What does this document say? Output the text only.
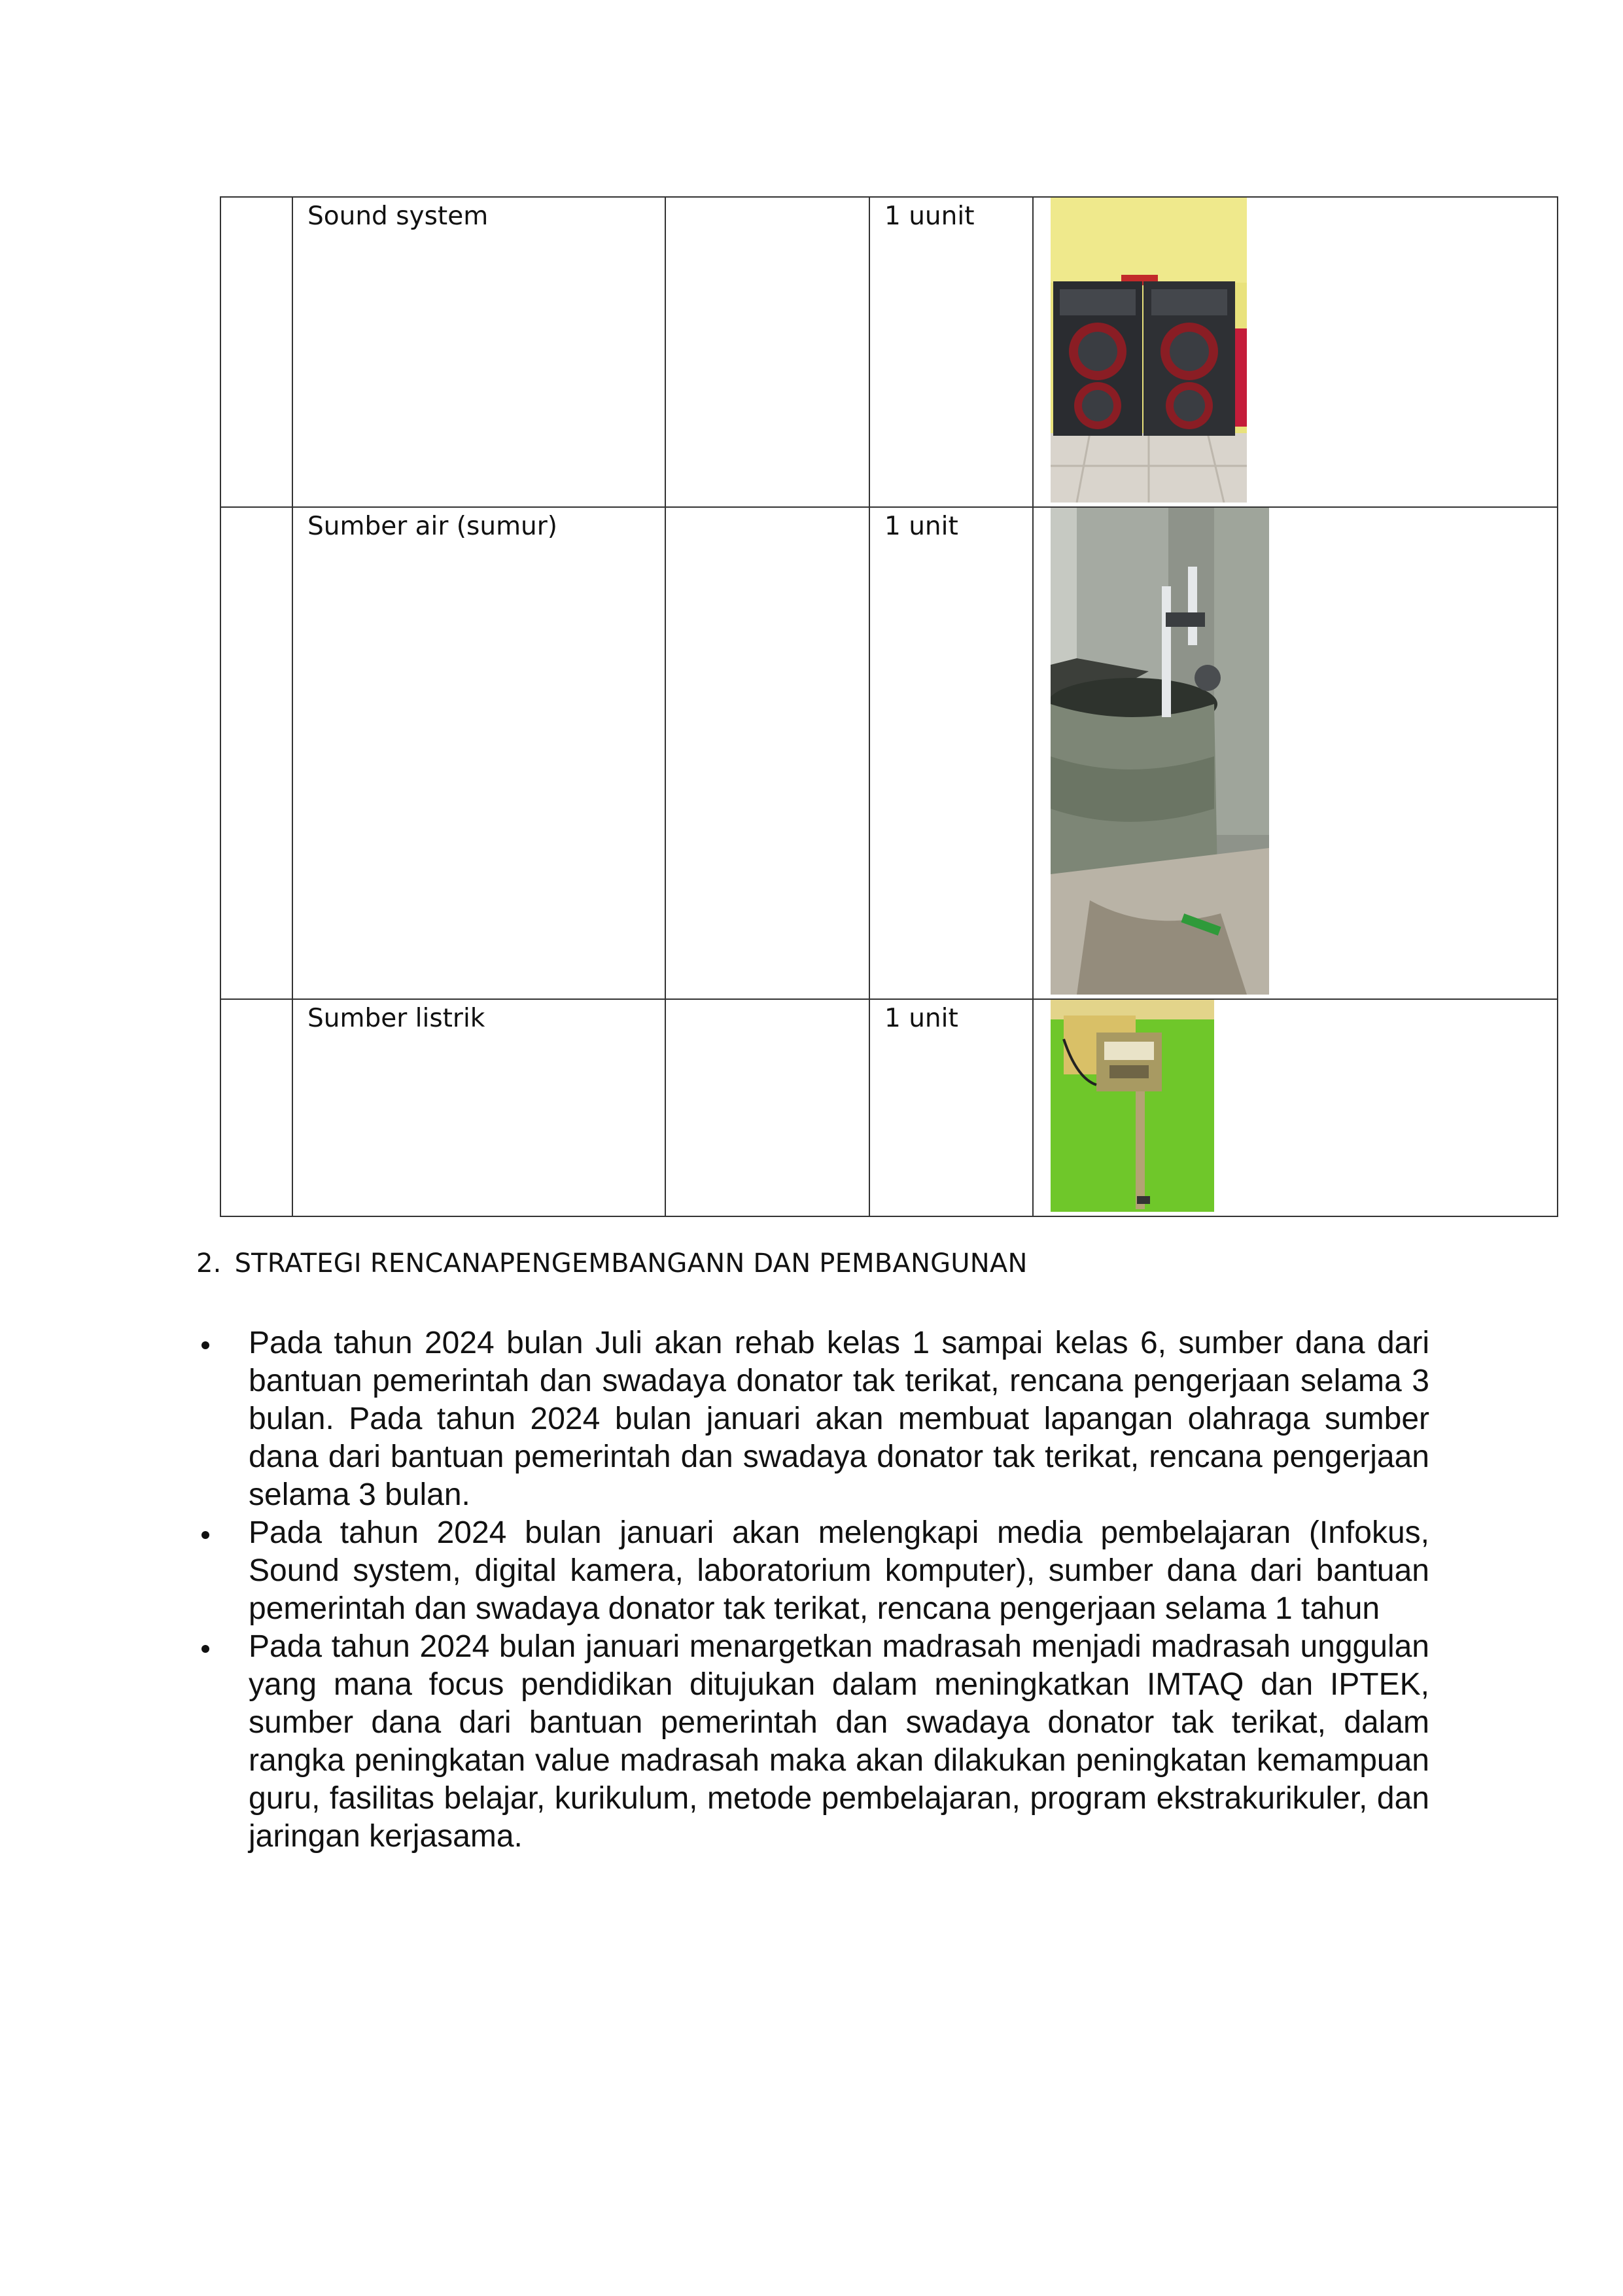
	Sound system		1 uunit	

	Sumber air (sumur)		1 unit	

	Sumber listrik		1 unit	

2. STRATEGI RENCANAPENGEMBANGANN DAN PEMBANGUNAN

Pada tahun 2024 bulan Juli akan rehab kelas 1 sampai kelas 6, sumber dana dari bantuan pemerintah dan swadaya donator tak terikat, rencana pengerjaan selama 3 bulan. Pada tahun 2024 bulan januari akan membuat lapangan olahraga sumber dana dari bantuan pemerintah dan swadaya donator tak terikat, rencana pengerjaan selama 3 bulan.
Pada tahun 2024 bulan januari akan melengkapi media pembelajaran (Infokus, Sound system, digital kamera, laboratorium komputer), sumber dana dari bantuan pemerintah dan swadaya donator tak terikat, rencana pengerjaan selama 1 tahun
Pada tahun 2024 bulan januari menargetkan madrasah menjadi madrasah unggulan yang mana focus pendidikan ditujukan dalam meningkatkan IMTAQ dan IPTEK, sumber dana dari bantuan pemerintah dan swadaya donator tak terikat, dalam rangka peningkatan value madrasah maka akan dilakukan peningkatan kemampuan guru, fasilitas belajar, kurikulum, metode pembelajaran, program ekstrakurikuler, dan jaringan kerjasama.
